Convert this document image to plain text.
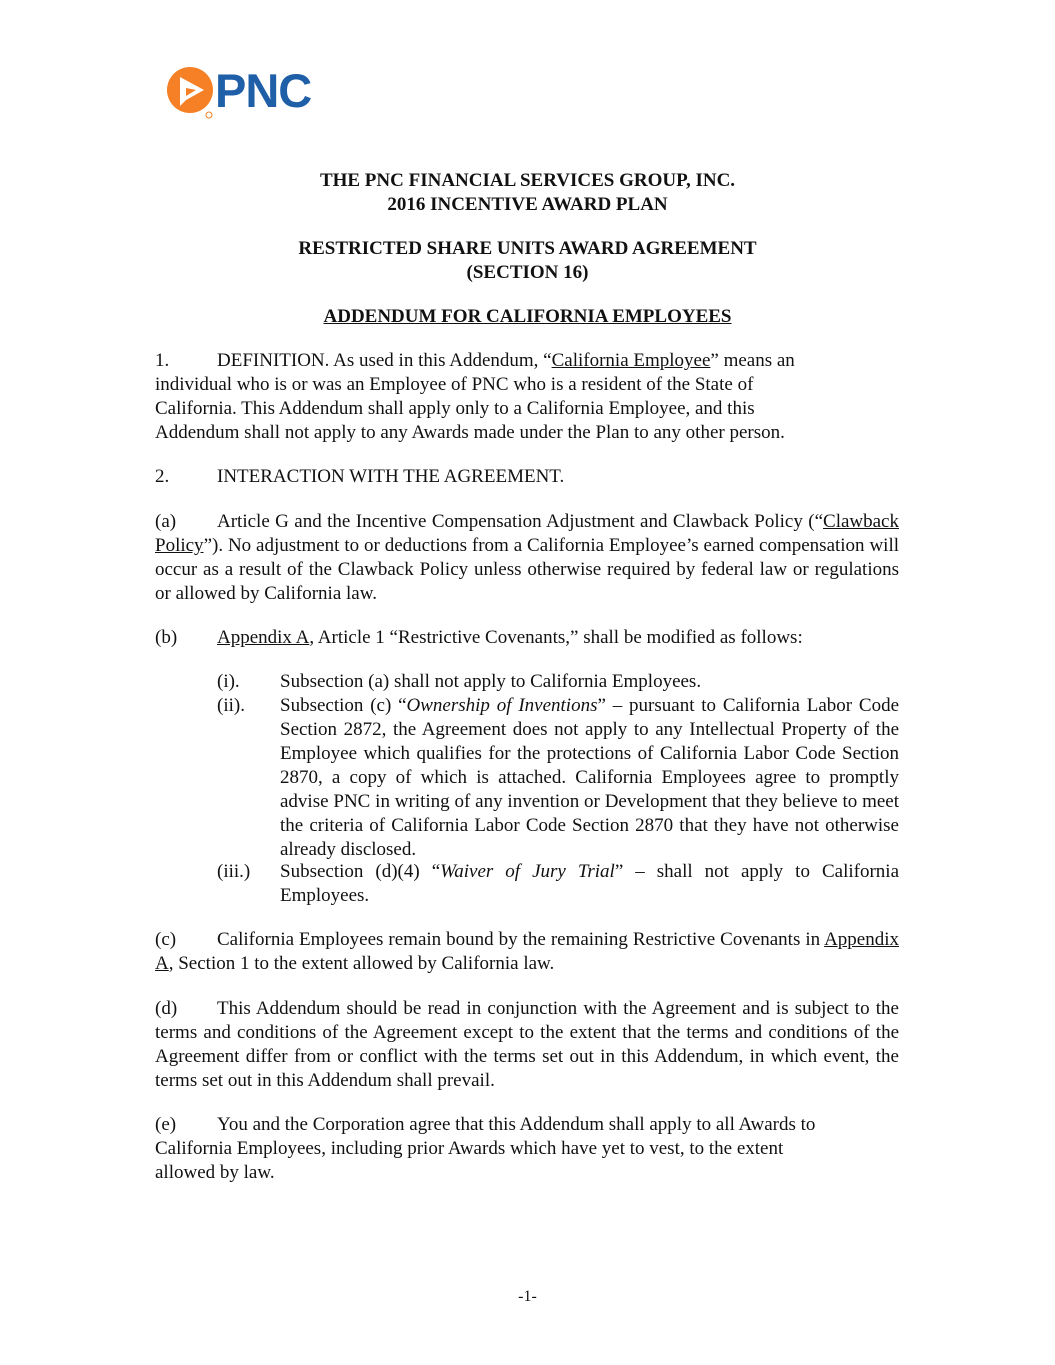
PNC
THE PNC FINANCIAL SERVICES GROUP, INC.
2016 INCENTIVE AWARD PLAN
RESTRICTED SHARE UNITS AWARD AGREEMENT
(SECTION 16)
ADDENDUM FOR CALIFORNIA EMPLOYEES
1.	DEFINITION. As used in this Addendum, “California Employee” means an
individual who is or was an Employee of PNC who is a resident of the State of
California. This Addendum shall apply only to a California Employee, and this
Addendum shall not apply to any Awards made under the Plan to any other person.
2.	INTERACTION WITH THE AGREEMENT.
(a) Article G and the Incentive Compensation Adjustment and Clawback Policy (“Clawback Policy”). No adjustment to or deductions from a California Employee’s earned compensation will occur as a result of the Clawback Policy unless otherwise required by federal law or regulations or allowed by California law.
(b) Appendix A, Article 1 “Restrictive Covenants,” shall be modified as follows:
(i).	Subsection (a) shall not apply to California Employees.
(ii).	Subsection (c) “Ownership of Inventions” – pursuant to California Labor Code Section 2872, the Agreement does not apply to any Intellectual Property of the Employee which qualifies for the protections of California Labor Code Section 2870, a copy of which is attached. California Employees agree to promptly advise PNC in writing of any invention or Development that they believe to meet the criteria of California Labor Code Section 2870 that they have not otherwise already disclosed.
(iii.)	Subsection (d)(4) “Waiver of Jury Trial” – shall not apply to California Employees.
(c) California Employees remain bound by the remaining Restrictive Covenants in Appendix A, Section 1 to the extent allowed by California law.
(d) This Addendum should be read in conjunction with the Agreement and is subject to the terms and conditions of the Agreement except to the extent that the terms and conditions of the Agreement differ from or conflict with the terms set out in this Addendum, in which event, the terms set out in this Addendum shall prevail.
(e) You and the Corporation agree that this Addendum shall apply to all Awards to
California Employees, including prior Awards which have yet to vest, to the extent
allowed by law.
-1-
